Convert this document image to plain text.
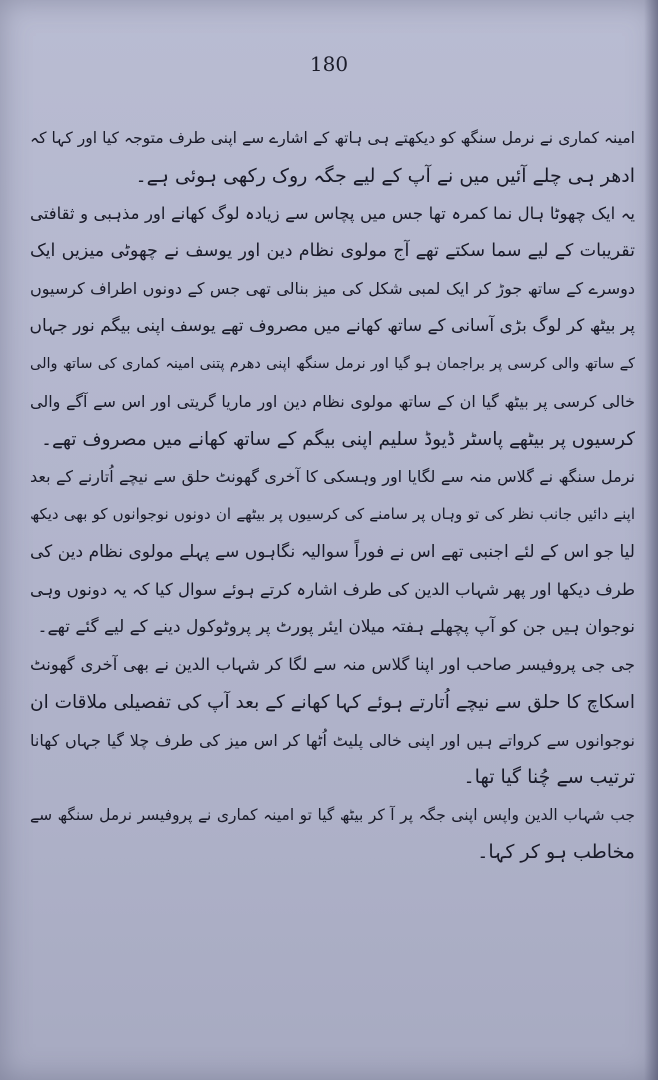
180
امینہ کماری نے نرمل سنگھ کو دیکھتے ہی ہاتھ کے اشارے سے اپنی طرف متوجہ کیا اور کہا کہ
ادھر ہی چلے آئیں میں نے آپ کے لیے جگہ روک رکھی ہوئی ہے۔
یہ ایک چھوٹا ہال نما کمرہ تھا جس میں پچاس سے زیادہ لوگ کھانے اور مذہبی و ثقافتی
تقریبات کے لیے سما سکتے تھے آج مولوی نظام دین اور یوسف نے چھوٹی میزیں ایک
دوسرے کے ساتھ جوڑ کر ایک لمبی شکل کی میز بنالی تھی جس کے دونوں اطراف کرسیوں
پر بیٹھ کر لوگ بڑی آسانی کے ساتھ کھانے میں مصروف تھے یوسف اپنی بیگم نور جہاں
کے ساتھ والی کرسی پر براجمان ہو گیا اور نرمل سنگھ اپنی دھرم پتنی امینہ کماری کی ساتھ والی
خالی کرسی پر بیٹھ گیا ان کے ساتھ مولوی نظام دین اور ماریا گریتی اور اس سے آگے والی
کرسیوں پر بیٹھے پاسٹر ڈیوڈ سلیم اپنی بیگم کے ساتھ کھانے میں مصروف تھے۔
نرمل سنگھ نے گلاس منہ سے لگایا اور وہسکی کا آخری گھونٹ حلق سے نیچے اُتارنے کے بعد
اپنے دائیں جانب نظر کی تو وہاں پر سامنے کی کرسیوں پر بیٹھے ان دونوں نوجوانوں کو بھی دیکھ
لیا جو اس کے لئے اجنبی تھے اس نے فوراً سوالیہ نگاہوں سے پہلے مولوی نظام دین کی
طرف دیکھا اور پھر شہاب الدین کی طرف اشارہ کرتے ہوئے سوال کیا کہ یہ دونوں وہی
نوجوان ہیں جن کو آپ پچھلے ہفتہ میلان ایئر پورٹ پر پروٹوکول دینے کے لیے گئے تھے۔
جی جی پروفیسر صاحب اور اپنا گلاس منہ سے لگا کر شہاب الدین نے بھی آخری گھونٹ
اسکاچ کا حلق سے نیچے اُتارتے ہوئے کہا کھانے کے بعد آپ کی تفصیلی ملاقات ان
نوجوانوں سے کرواتے ہیں اور اپنی خالی پلیٹ اُٹھا کر اس میز کی طرف چلا گیا جہاں کھانا
ترتیب سے چُنا گیا تھا۔
جب شہاب الدین واپس اپنی جگہ پر آ کر بیٹھ گیا تو امینہ کماری نے پروفیسر نرمل سنگھ سے
مخاطب ہو کر کہا۔
